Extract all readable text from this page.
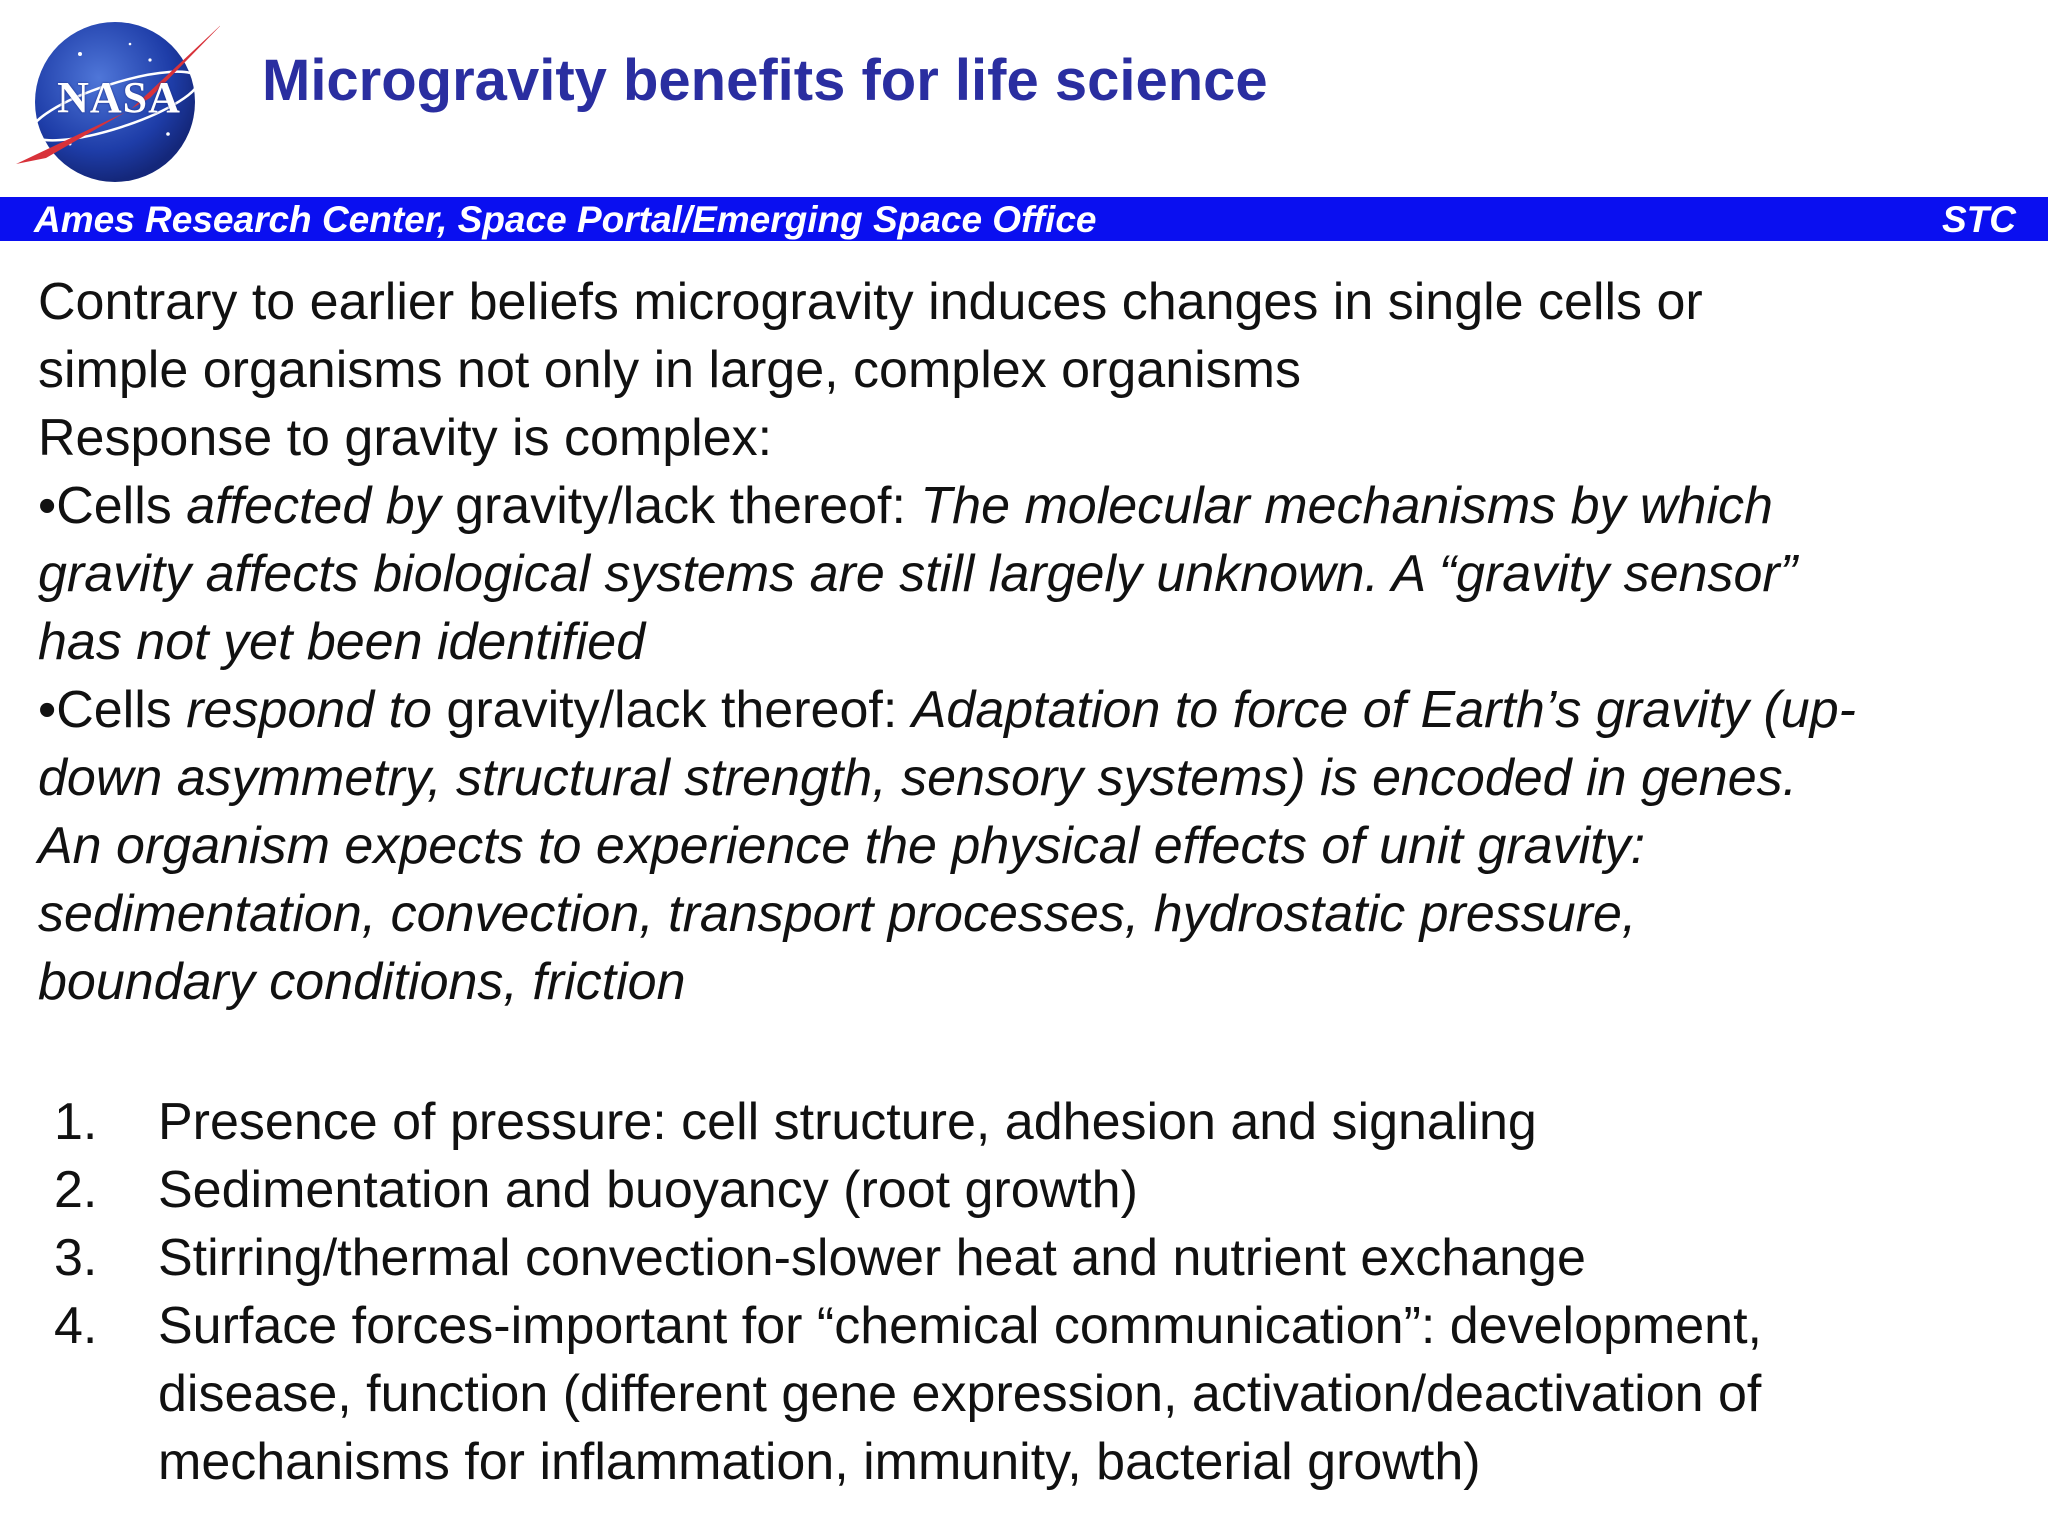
NASA	Microgravity benefits for life science
Ames Research Center, Space Portal/Emerging Space Office	STC

Contrary to earlier beliefs microgravity induces changes in single cells or

simple organisms not only in large, complex organisms

Response to gravity is complex:

•Cells affected by gravity/lack thereof: The molecular mechanisms by which

gravity affects biological systems are still largely unknown. A “gravity sensor”

has not yet been identified

•Cells respond to gravity/lack thereof: Adaptation to force of Earth’s gravity (up-

down asymmetry, structural strength, sensory systems) is encoded in genes.

An organism expects to experience the physical effects of unit gravity:

sedimentation, convection, transport processes, hydrostatic pressure,

boundary conditions, friction

1. Presence of pressure: cell structure, adhesion and signaling
2. Sedimentation and buoyancy (root growth)
3. Stirring/thermal convection-slower heat and nutrient exchange
4. Surface forces-important for “chemical communication”: development,
disease, function (different gene expression, activation/deactivation of
mechanisms for inflammation, immunity, bacterial growth)
